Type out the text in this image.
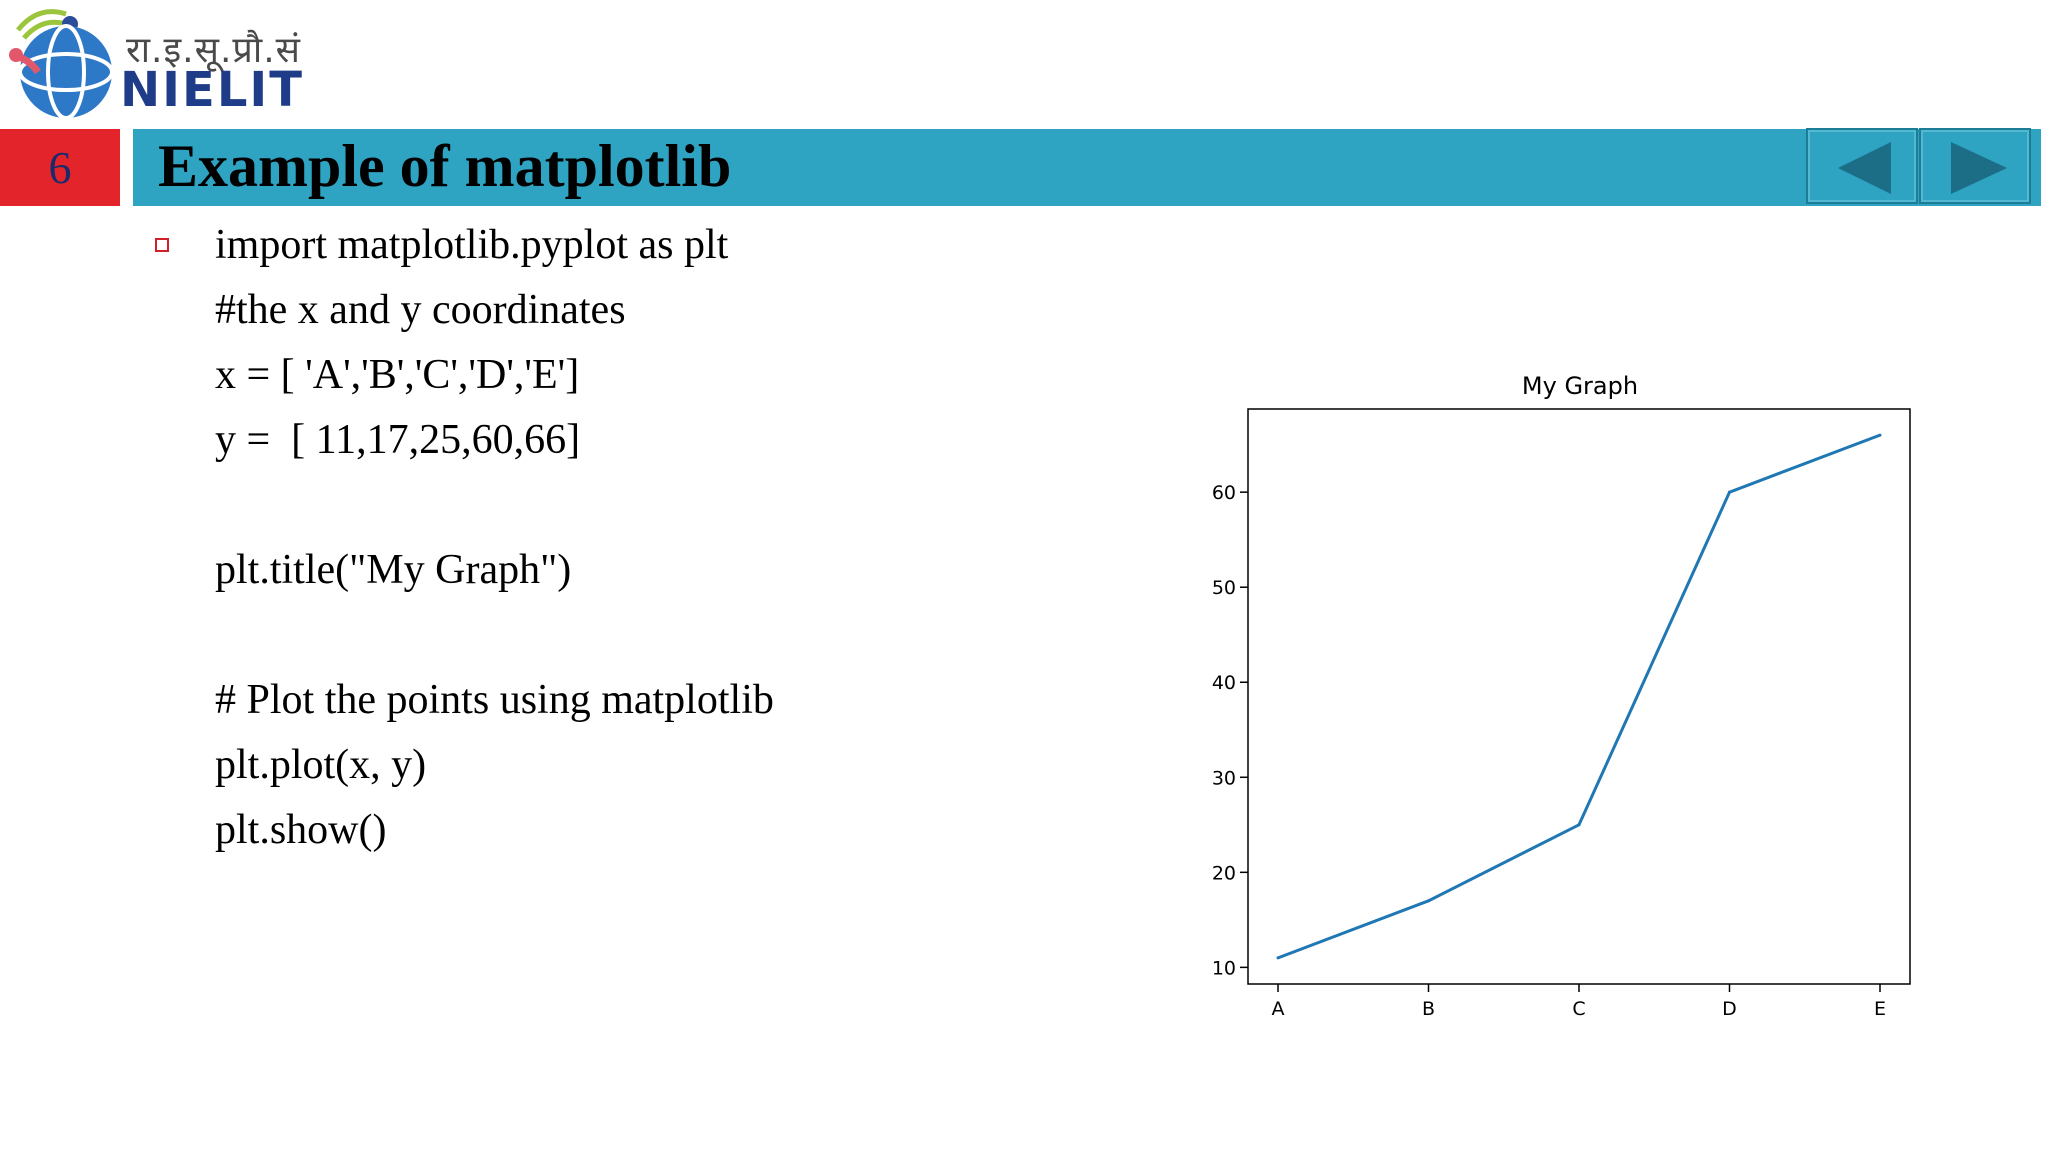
रा.इ.सू.प्रौ.सं
NIELIT
6	Example of matplotlib
import matplotlib.pyplot as plt
#the x and y coordinates
x = [ 'A','B','C','D','E']
y =  [ 11,17,25,60,66]
plt.title("My Graph")
# Plot the points using matplotlib
plt.plot(x, y)
plt.show()
My Graph
10
20
30
40
50
60
A	B	C	D	E
